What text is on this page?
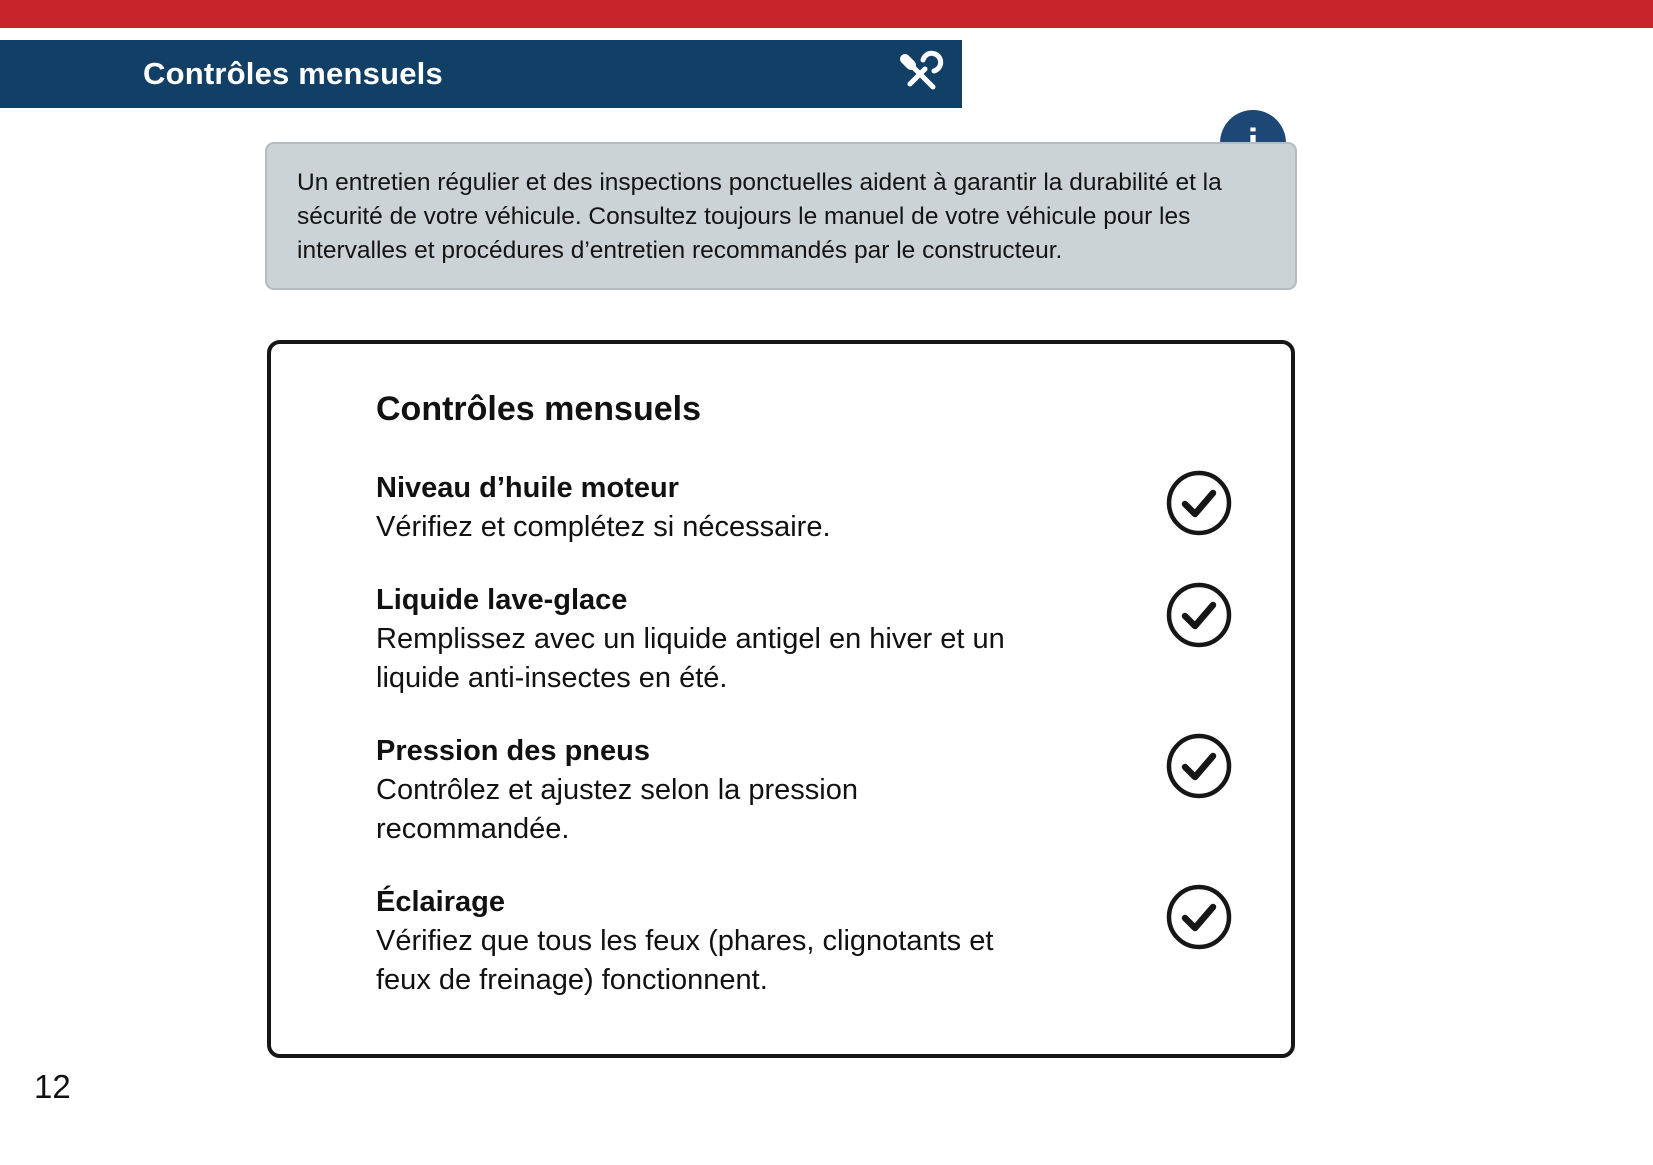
Contrôles mensuels
Un entretien régulier et des inspections ponctuelles aident à garantir la durabilité et la sécurité de votre véhicule. Consultez toujours le manuel de votre véhicule pour les intervalles et procédures d’entretien recommandés par le constructeur.
Contrôles mensuels
Niveau d’huile moteur
Vérifiez et complétez si nécessaire.
Liquide lave-glace
Remplissez avec un liquide antigel en hiver et un liquide anti-insectes en été.
Pression des pneus
Contrôlez et ajustez selon la pression recommandée.
Éclairage
Vérifiez que tous les feux (phares, clignotants et feux de freinage) fonctionnent.
12
